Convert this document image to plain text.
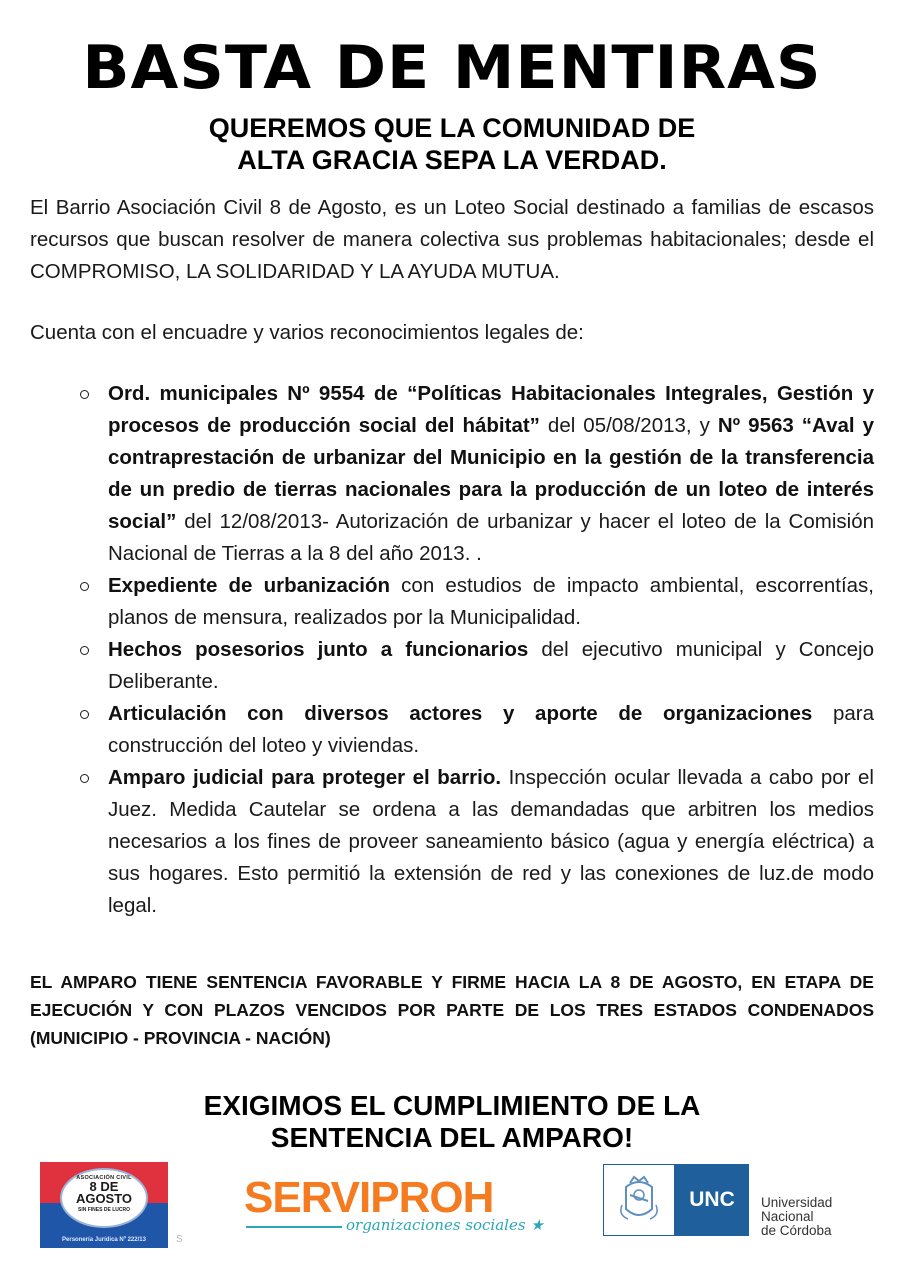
BASTA DE MENTIRAS
QUEREMOS QUE LA COMUNIDAD DE
ALTA GRACIA SEPA LA VERDAD.
El Barrio Asociación Civil 8 de Agosto, es un Loteo Social destinado a familias de escasos recursos que buscan resolver de manera colectiva sus problemas habitacionales; desde el COMPROMISO, LA SOLIDARIDAD Y LA AYUDA MUTUA.
Cuenta con el encuadre y varios reconocimientos legales de:
Ord. municipales Nº 9554 de “Políticas Habitacionales Integrales, Gestión y procesos de producción social del hábitat” del 05/08/2013, y Nº 9563 “Aval y contraprestación de urbanizar del Municipio en la gestión de la transferencia de un predio de tierras nacionales para la producción de un loteo de interés social” del 12/08/2013- Autorización de urbanizar y hacer el loteo de la Comisión Nacional de Tierras a la 8 del año 2013. .
Expediente de urbanización con estudios de impacto ambiental, escorrentías, planos de mensura, realizados por la Municipalidad.
Hechos posesorios junto a funcionarios del ejecutivo municipal y Concejo Deliberante.
Articulación con diversos actores y aporte de organizaciones para construcción del loteo y viviendas.
Amparo judicial para proteger el barrio. Inspección ocular llevada a cabo por el Juez. Medida Cautelar se ordena a las demandadas que arbitren los medios necesarios a los fines de proveer saneamiento básico (agua y energía eléctrica) a sus hogares. Esto permitió la extensión de red y las conexiones de luz.de modo legal.
EL AMPARO TIENE SENTENCIA FAVORABLE Y FIRME HACIA LA 8 DE AGOSTO, EN ETAPA DE EJECUCIÓN Y CON PLAZOS VENCIDOS POR PARTE DE LOS TRES ESTADOS CONDENADOS (MUNICIPIO - PROVINCIA - NACIÓN)
EXIGIMOS EL CUMPLIMIENTO DE LA
SENTENCIA DEL AMPARO!
ASOCIACIÓN CIVIL
8 DE
AGOSTO
SIN FINES DE LUCRO
Personería Jurídica Nº 222/13	S
SERVIPROH
organizaciones sociales ★
UNC	Universidad
Nacional
de Córdoba
